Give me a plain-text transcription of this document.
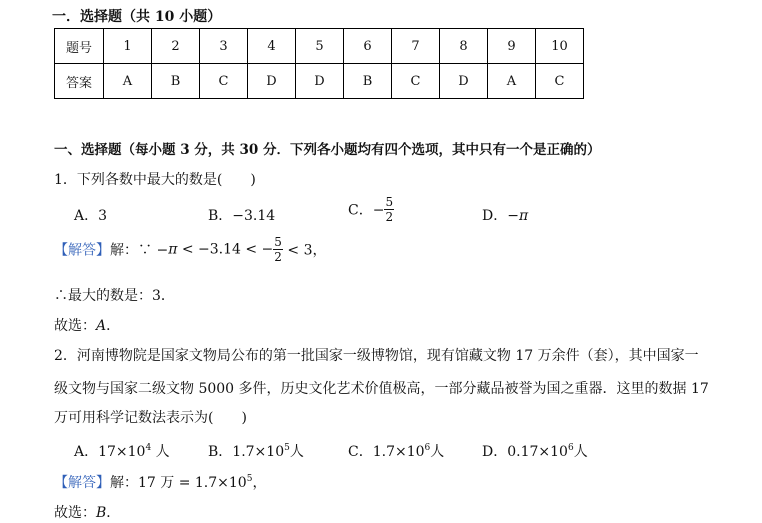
一．选择题（共 10 小题）
题号	1	2	3	4	5	6	7	8	9	10
答案	A	B	C	D	D	B	C	D	A	C
一、选择题（每小题 3 分，共 30 分．下列各小题均有四个选项，其中只有一个是正确的）
1．下列各数中最大的数是(　　)
A．3	B．−3.14	C．− $\frac{5}{2}$	D．−π
【解答】解：∵ −π < −3.14 < − $\frac{5}{2} < 3$，
∴最大的数是：3．
故选：A．
2．河南博物院是国家文物局公布的第一批国家一级博物馆，现有馆藏文物 17 万余件（套），其中国家一
级文物与国家二级文物 5000 多件，历史文化艺术价值极高，一部分藏品被誉为国之重器．这里的数据 17
万可用科学记数法表示为(　　)
A．$17\times 10^4$ 人	B．$1.7\times 10^5$人	C．$1.7\times 10^6$人	D．$0.17\times 10^6$人
【解答】解：17 万 = $1.7\times 10^5$，
故选：B．
